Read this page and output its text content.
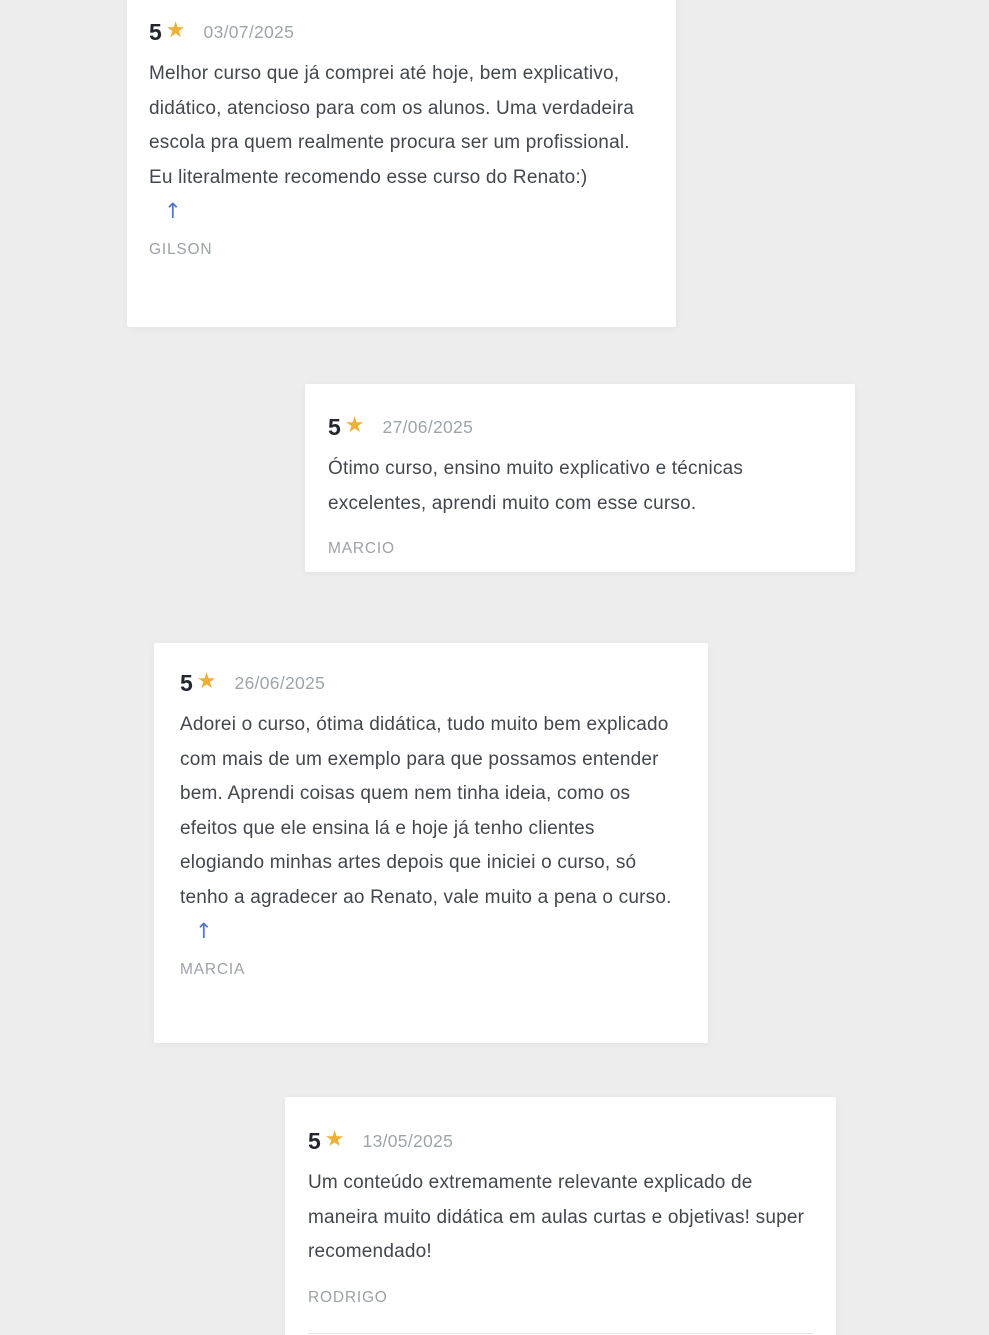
5 ★ 03/07/2025

Melhor curso que já comprei até hoje, bem explicativo, didático, atencioso para com os alunos. Uma verdadeira escola pra quem realmente procura ser um profissional. Eu literalmente recomendo esse curso do Renato:)

↑
GILSON
5 ★ 27/06/2025

Ótimo curso, ensino muito explicativo e técnicas excelentes, aprendi muito com esse curso.

MARCIO
5 ★ 26/06/2025

Adorei o curso, ótima didática, tudo muito bem explicado com mais de um exemplo para que possamos entender bem. Aprendi coisas quem nem tinha ideia, como os efeitos que ele ensina lá e hoje já tenho clientes elogiando minhas artes depois que iniciei o curso, só tenho a agradecer ao Renato, vale muito a pena o curso.

↑
MARCIA
5 ★ 13/05/2025

Um conteúdo extremamente relevante explicado de maneira muito didática em aulas curtas e objetivas! super recomendado!

RODRIGO
